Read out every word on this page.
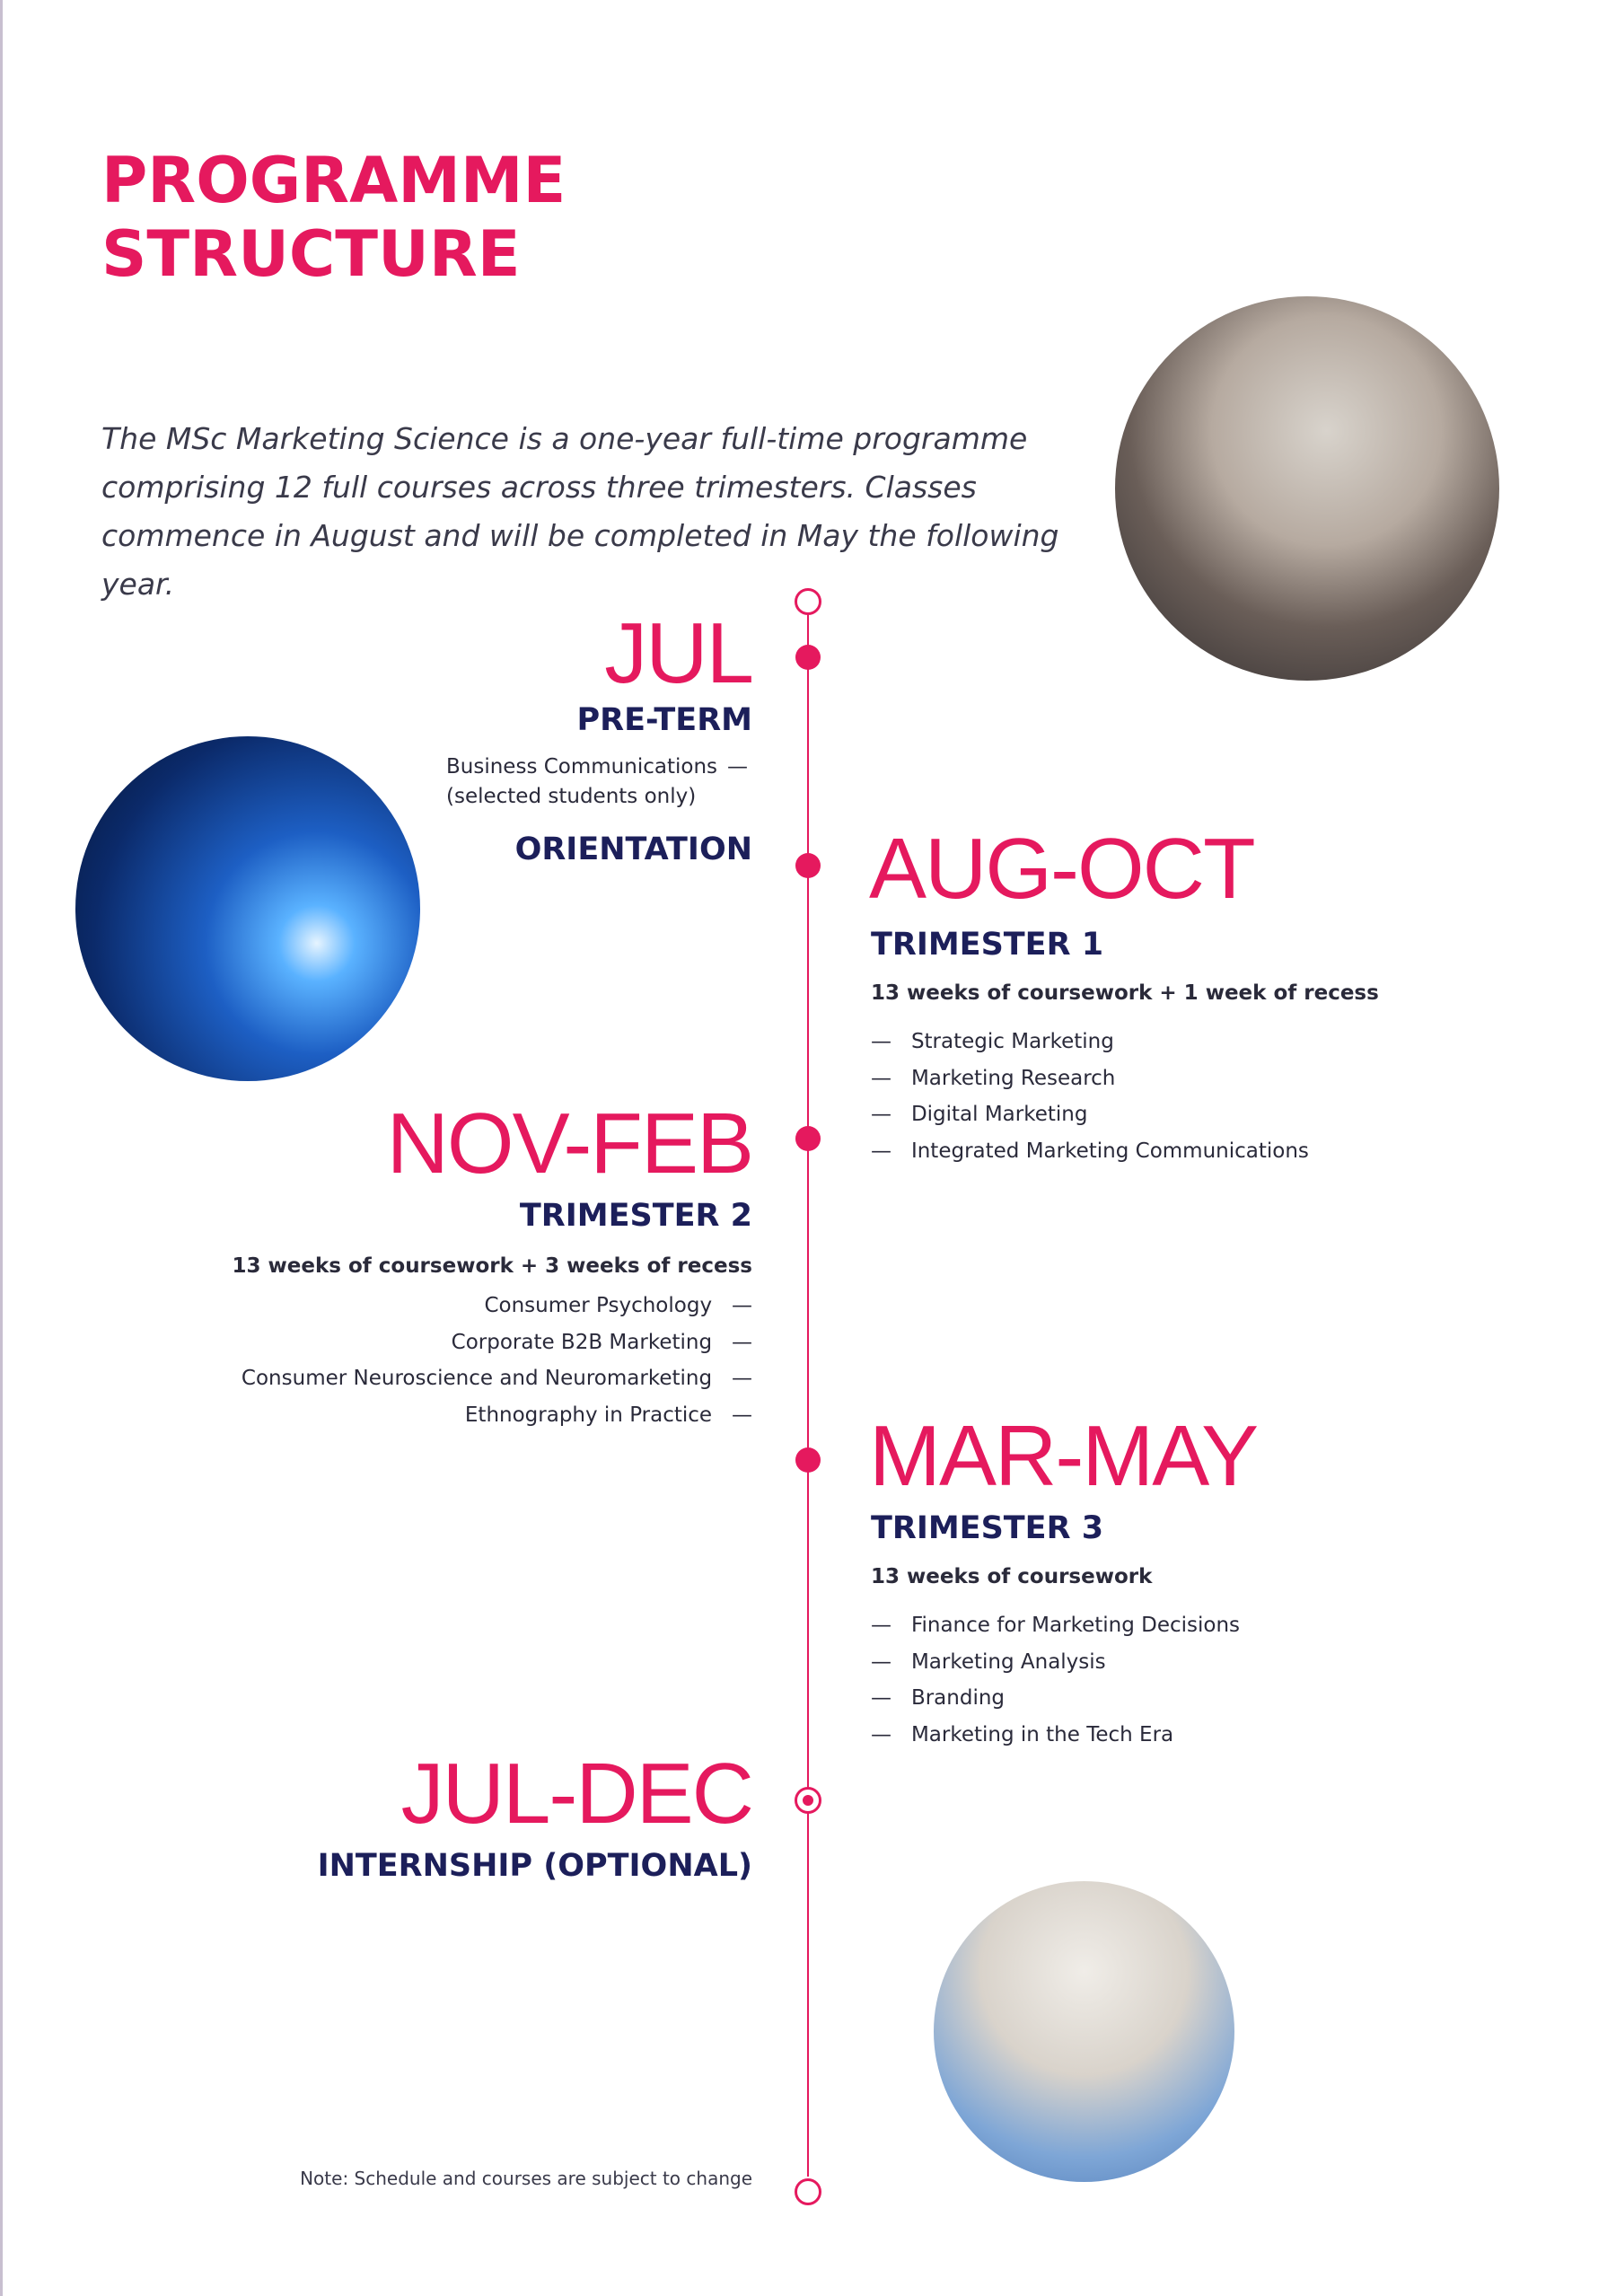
PROGRAMME
STRUCTURE

The MSc Marketing Science is a one-year full-time programme comprising 12 full courses across three trimesters. Classes commence in August and will be completed in May the following year.

JUL
PRE-TERM
Business Communications —
(selected students only)
ORIENTATION AUG-OCT
TRIMESTER 1

13 weeks of coursework + 1 week of recess

— Strategic Marketing
— Marketing Research
— Digital Marketing
— Integrated Marketing Communications
NOV-FEB
TRIMESTER 2

13 weeks of coursework + 3 weeks of recess

Consumer Psychology —
Corporate B2B Marketing —
Consumer Neuroscience and Neuromarketing —
Ethnography in Practice — MAR-MAY
TRIMESTER 3

13 weeks of coursework

— Finance for Marketing Decisions
— Marketing Analysis
— Branding
— Marketing in the Tech Era
JUL-DEC
INTERNSHIP (OPTIONAL)

Note: Schedule and courses are subject to change
